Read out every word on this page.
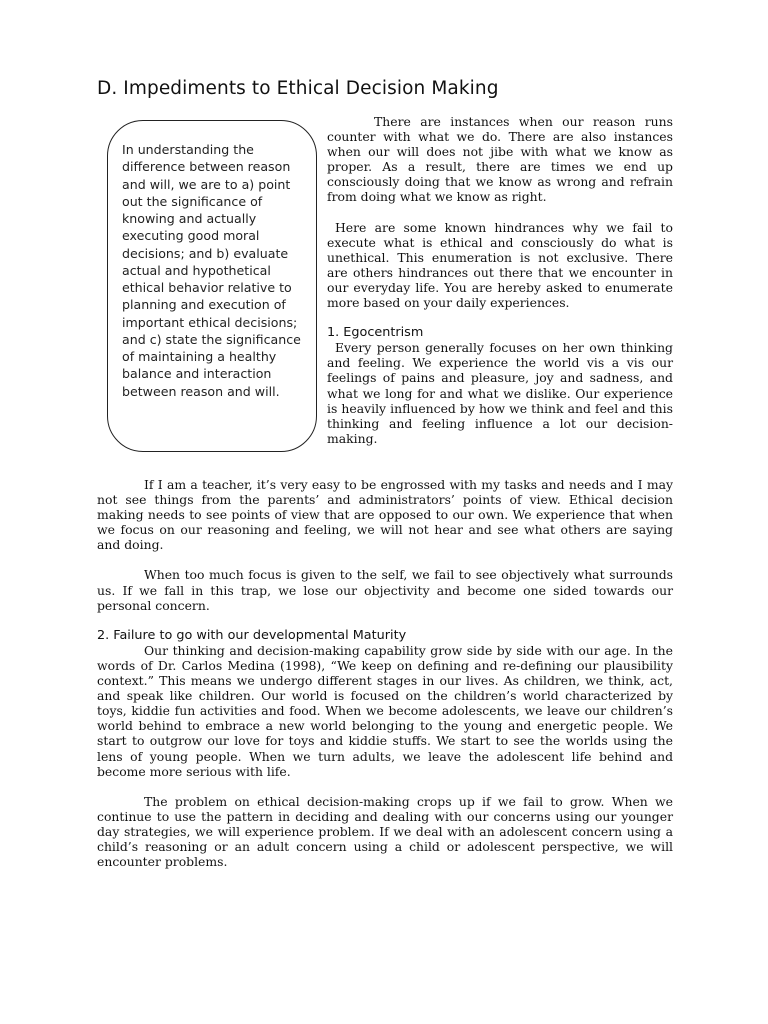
D. Impediments to Ethical Decision Making
In understanding the difference between reason and will, we are to a) point out the significance of knowing and actually executing good moral decisions; and b) evaluate actual and hypothetical ethical behavior relative to planning and execution of important ethical decisions; and c) state the significance of maintaining a healthy balance and interaction between reason and will.

There are instances when our reason runs counter with what we do. There are also instances when our will does not jibe with what we know as proper. As a result, there are times we end up consciously doing that we know as wrong and refrain from doing what we know as right.

Here are some known hindrances why we fail to execute what is ethical and consciously do what is unethical. This enumeration is not exclusive. There are others hindrances out there that we encounter in our everyday life. You are hereby asked to enumerate more based on your daily experiences.

1. Egocentrism

Every person generally focuses on her own thinking and feeling. We experience the world vis a vis our feelings of pains and pleasure, joy and sadness, and what we long for and what we dislike. Our experience is heavily influenced by how we think and feel and this thinking and feeling influence a lot our decision-making.

If I am a teacher, it’s very easy to be engrossed with my tasks and needs and I may not see things from the parents’ and administrators’ points of view. Ethical decision making needs to see points of view that are opposed to our own. We experience that when we focus on our reasoning and feeling, we will not hear and see what others are saying and doing.

When too much focus is given to the self, we fail to see objectively what surrounds us. If we fall in this trap, we lose our objectivity and become one sided towards our personal concern.

2. Failure to go with our developmental Maturity

Our thinking and decision-making capability grow side by side with our age. In the words of Dr. Carlos Medina (1998), “We keep on defining and re-defining our plausibility context.” This means we undergo different stages in our lives. As children, we think, act, and speak like children. Our world is focused on the children’s world characterized by toys, kiddie fun activities and food. When we become adolescents, we leave our children’s world behind to embrace a new world belonging to the young and energetic people. We start to outgrow our love for toys and kiddie stuffs. We start to see the worlds using the lens of young people. When we turn adults, we leave the adolescent life behind and become more serious with life.

The problem on ethical decision-making crops up if we fail to grow. When we continue to use the pattern in deciding and dealing with our concerns using our younger day strategies, we will experience problem. If we deal with an adolescent concern using a child’s reasoning or an adult concern using a child or adolescent perspective, we will encounter problems.
